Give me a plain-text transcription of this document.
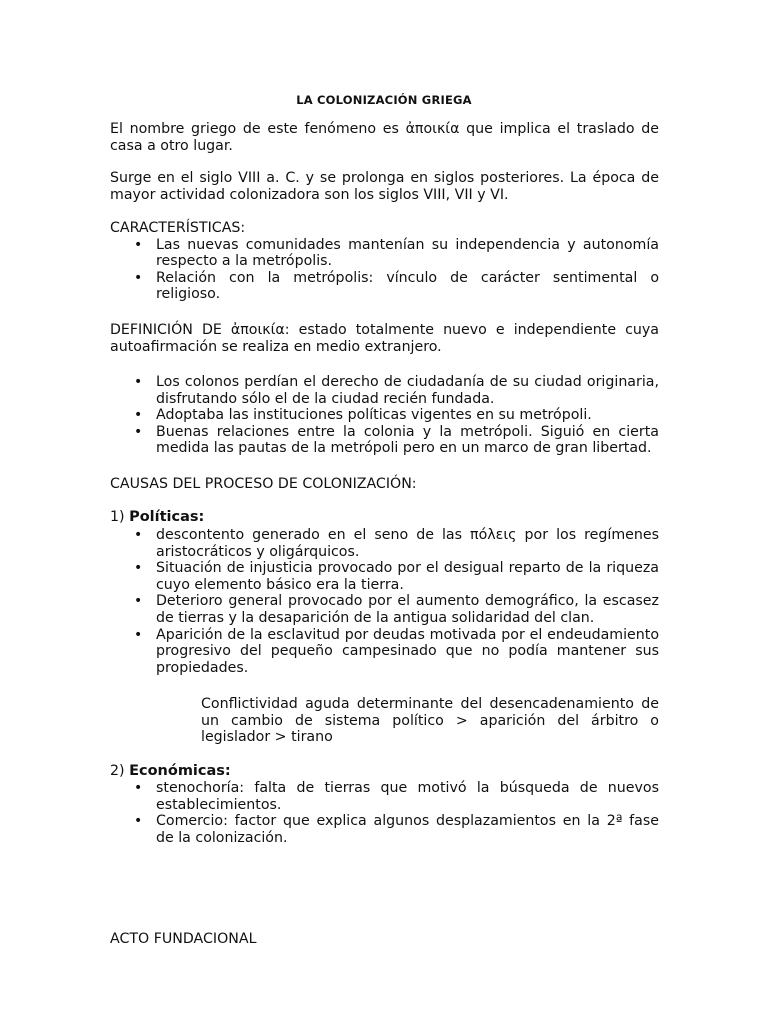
LA COLONIZACIÓN GRIEGA
El nombre griego de este fenómeno es ἀποικία que implica el traslado de
casa a otro lugar.
Surge en el siglo VIII a. C. y se prolonga en siglos posteriores. La época de
mayor actividad colonizadora son los siglos VIII, VII y VI.
CARACTERÍSTICAS:
• Las nuevas comunidades mantenían su independencia y autonomía
respecto a la metrópolis.
• Relación con la metrópolis: vínculo de carácter sentimental o
religioso.
DEFINICIÓN DE ἀποικία: estado totalmente nuevo e independiente cuya
autoafirmación se realiza en medio extranjero.
• Los colonos perdían el derecho de ciudadanía de su ciudad originaria,
disfrutando sólo el de la ciudad recién fundada.
• Adoptaba las instituciones políticas vigentes en su metrópoli.
• Buenas relaciones entre la colonia y la metrópoli. Siguió en cierta
medida las pautas de la metrópoli pero en un marco de gran libertad.
CAUSAS DEL PROCESO DE COLONIZACIÓN:
1) Políticas:
• descontento generado en el seno de las πόλεις por los regímenes
aristocráticos y oligárquicos.
• Situación de injusticia provocado por el desigual reparto de la riqueza
cuyo elemento básico era la tierra.
• Deterioro general provocado por el aumento demográfico, la escasez
de tierras y la desaparición de la antigua solidaridad del clan.
• Aparición de la esclavitud por deudas motivada por el endeudamiento
progresivo del pequeño campesinado que no podía mantener sus
propiedades.
Conflictividad aguda determinante del desencadenamiento de
un cambio de sistema político > aparición del árbitro o
legislador > tirano
2) Económicas:
• stenochoría: falta de tierras que motivó la búsqueda de nuevos
establecimientos.
• Comercio: factor que explica algunos desplazamientos en la 2ª fase
de la colonización.
ACTO FUNDACIONAL
